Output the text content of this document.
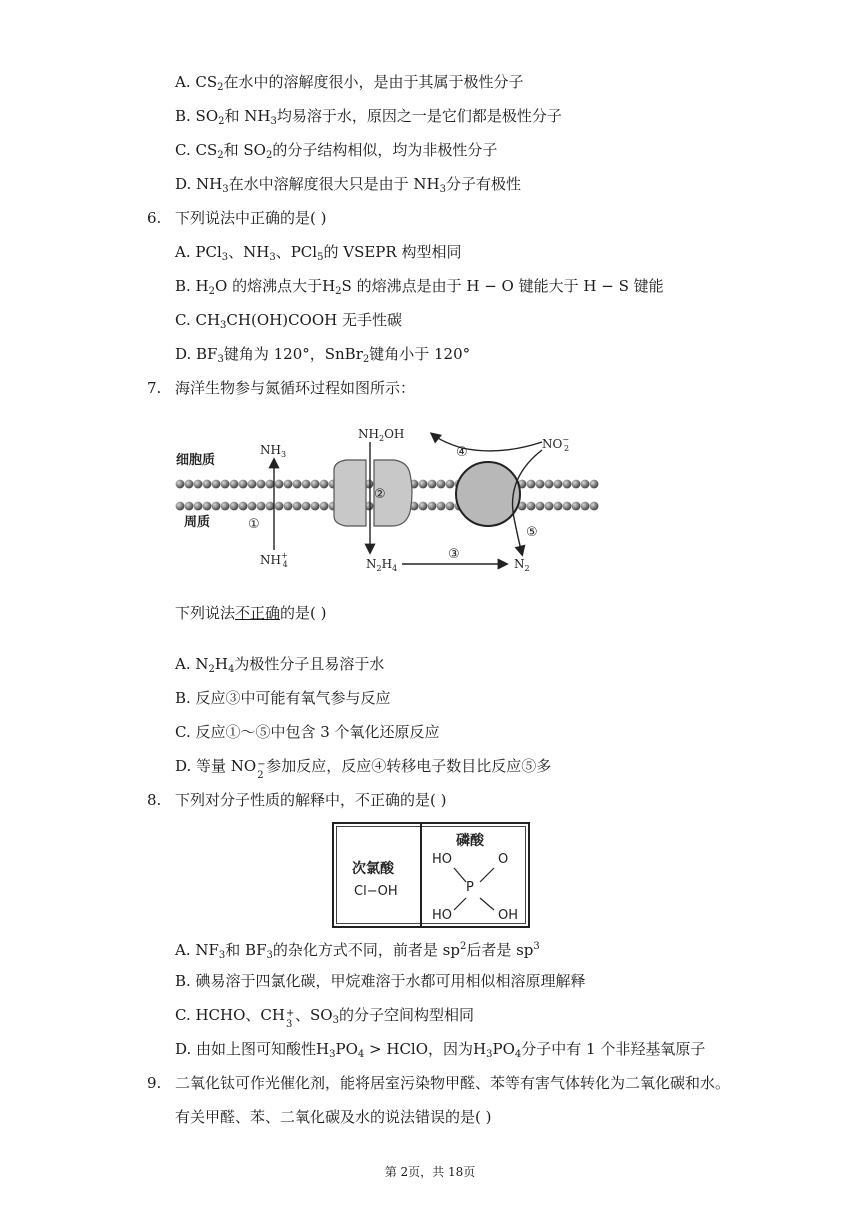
A. $CS_2$在水中的溶解度很小，是由于其属于极性分子
B. $SO_2$和 $NH_3$均易溶于水，原因之一是它们都是极性分子
C. $CS_2$和 $SO_2$的分子结构相似，均为非极性分子
D. $NH_3$在水中溶解度很大只是由于 $NH_3$分子有极性
6. 下列说法中正确的是( )
A. PCl$_3$、$NH_3$、PCl$_5$的 VSEPR 构型相同
B. $H_2O$ 的熔沸点大于$H_2S$ 的熔沸点是由于 H − O 键能大于 H − S 键能
C. $CH_3CH(OH)COOH$ 无手性碳
D. $BF_3$键角为 120°，SnBr$_2$键角小于 120°
7. 海洋生物参与氮循环过程如图所示：
细胞质
周质
$NH_3$
NH+ 4
$NH_2OH$
$N_2H_4$
NO− 2
$N_2$
①
②
③
④
⑤
下列说法不正确的是( )
A. $N_2H_4$为极性分子且易溶于水
B. 反应③中可能有氧气参与反应
C. 反应①～⑤中包含 3 个氧化还原反应
D. 等量 NO −
2
参加反应，反应④转移电子数目比反应⑤多
8. 下列对分子性质的解释中，不正确的是( )
次氯酸
Cl−OH
磷酸
HO	O
P
HO	OH
A. $NF_3$和 $BF_3$的杂化方式不同，前者是 $sp^2$后者是 $sp^3$
B. 碘易溶于四氯化碳，甲烷难溶于水都可用相似相溶原理解释
C. HCHO、CH +
3
、$SO_3$的分子空间构型相同
D. 由如上图可知酸性$H_3PO_4$ > HClO，因为$H_3PO_4$分子中有 1 个非羟基氧原子
9. 二氧化钛可作光催化剂，能将居室污染物甲醛、苯等有害气体转化为二氧化碳和水。
有关甲醛、苯、二氧化碳及水的说法错误的是( )
第 2页，共 18页
